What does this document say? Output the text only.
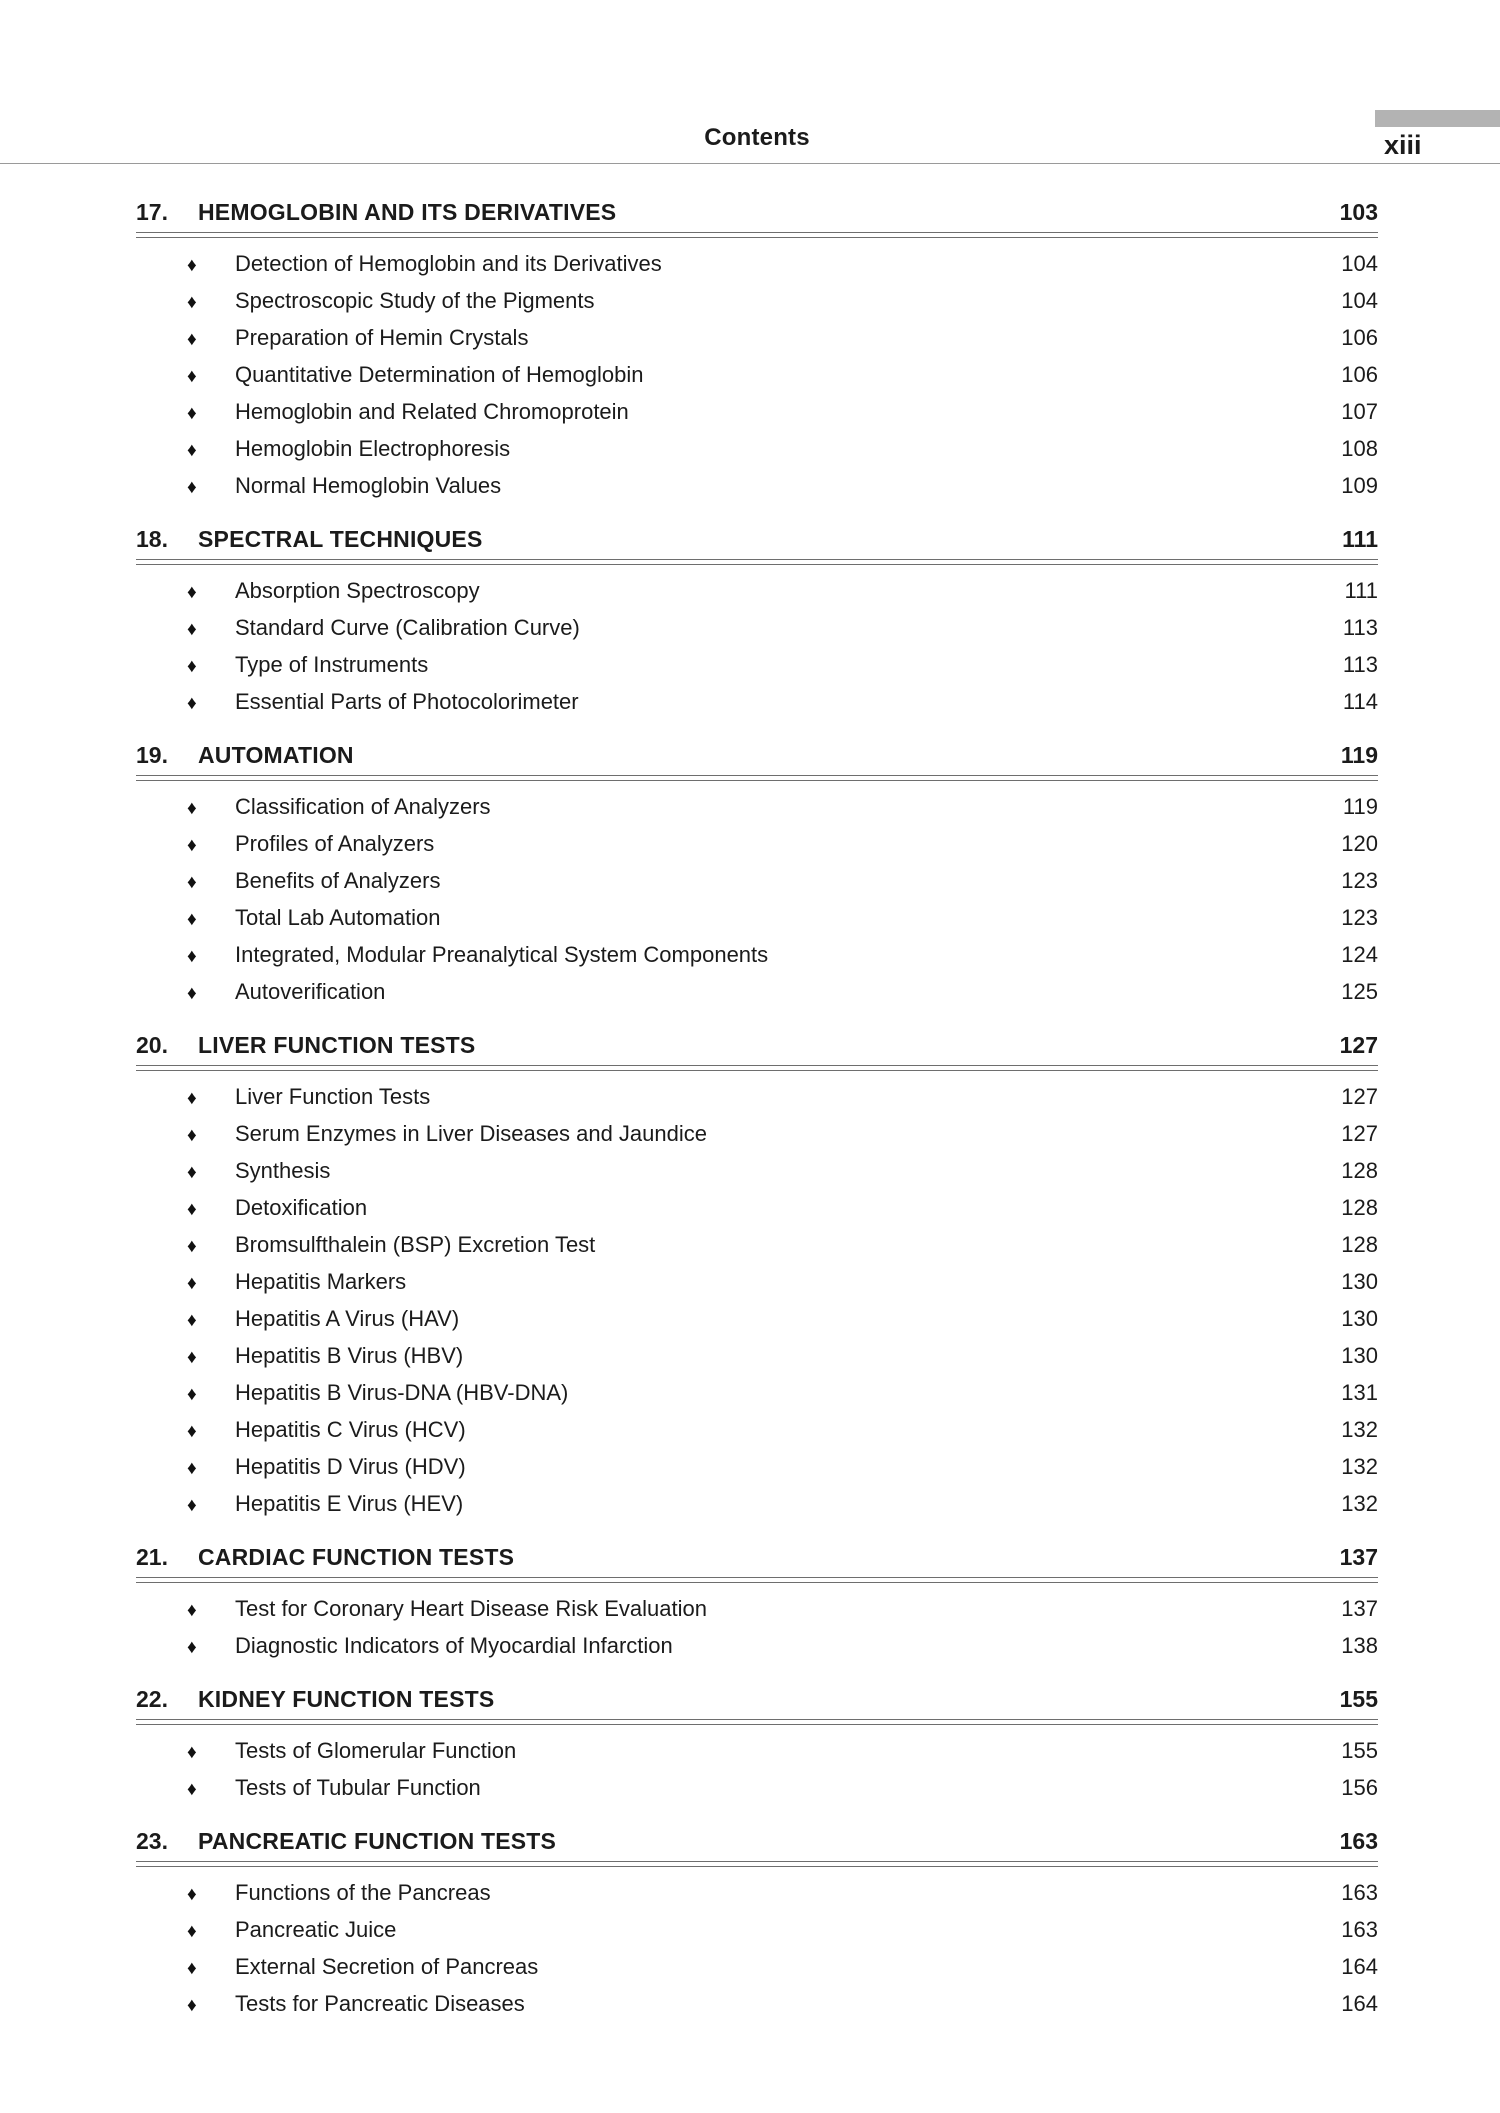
Contents	xiii
17.	HEMOGLOBIN AND ITS DERIVATIVES	103
♦	Detection of Hemoglobin and its Derivatives	104
♦	Spectroscopic Study of the Pigments	104
♦	Preparation of Hemin Crystals	106
♦	Quantitative Determination of Hemoglobin	106
♦	Hemoglobin and Related Chromoprotein	107
♦	Hemoglobin Electrophoresis	108
♦	Normal Hemoglobin Values	109
18.	SPECTRAL TECHNIQUES	111
♦	Absorption Spectroscopy	111
♦	Standard Curve (Calibration Curve)	113
♦	Type of Instruments	113
♦	Essential Parts of Photocolorimeter	114
19.	AUTOMATION	119
♦	Classification of Analyzers	119
♦	Profiles of Analyzers	120
♦	Benefits of Analyzers	123
♦	Total Lab Automation	123
♦	Integrated, Modular Preanalytical System Components	124
♦	Autoverification	125
20.	LIVER FUNCTION TESTS	127
♦	Liver Function Tests	127
♦	Serum Enzymes in Liver Diseases and Jaundice	127
♦	Synthesis	128
♦	Detoxification	128
♦	Bromsulfthalein (BSP) Excretion Test	128
♦	Hepatitis Markers	130
♦	Hepatitis A Virus (HAV)	130
♦	Hepatitis B Virus (HBV)	130
♦	Hepatitis B Virus-DNA (HBV-DNA)	131
♦	Hepatitis C Virus (HCV)	132
♦	Hepatitis D Virus (HDV)	132
♦	Hepatitis E Virus (HEV)	132
21.	CARDIAC FUNCTION TESTS	137
♦	Test for Coronary Heart Disease Risk Evaluation	137
♦	Diagnostic Indicators of Myocardial Infarction	138
22.	KIDNEY FUNCTION TESTS	155
♦	Tests of Glomerular Function	155
♦	Tests of Tubular Function	156
23.	PANCREATIC FUNCTION TESTS	163
♦	Functions of the Pancreas	163
♦	Pancreatic Juice	163
♦	External Secretion of Pancreas	164
♦	Tests for Pancreatic Diseases	164
